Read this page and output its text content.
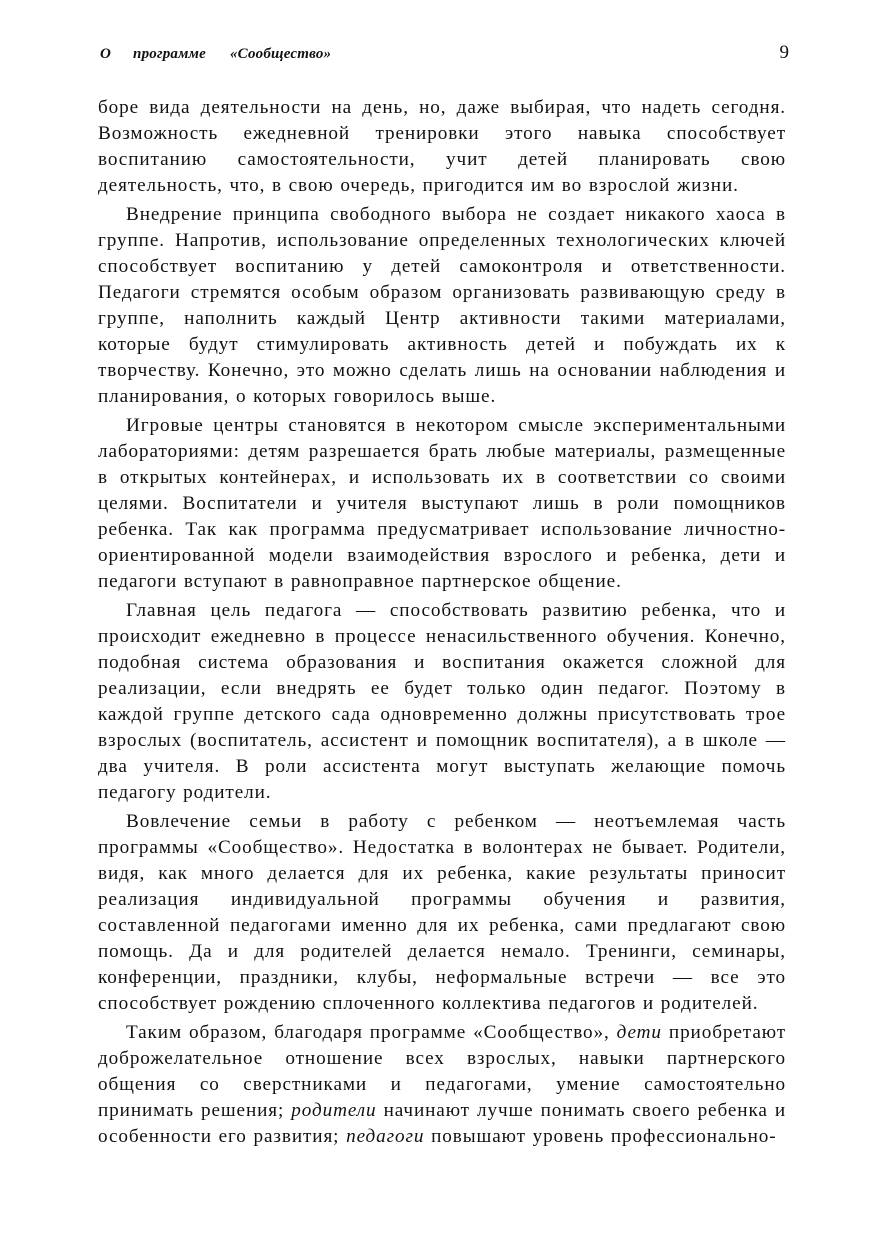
О программе «Сообщество»	9

боре вида деятельности на день, но, даже выбирая, что надеть сегодня. Возможность ежедневной тренировки этого навыка способствует воспитанию самостоятельности, учит детей планировать свою деятельность, что, в свою очередь, пригодится им во взрослой жизни.

Внедрение принципа свободного выбора не создает никакого хаоса в группе. Напротив, использование определенных технологических ключей способствует воспитанию у детей самоконтроля и ответственности. Педагоги стремятся особым образом организовать развивающую среду в группе, наполнить каждый Центр активности такими материалами, которые будут стимулировать активность детей и побуждать их к творчеству. Конечно, это можно сделать лишь на основании наблюдения и планирования, о которых говорилось выше.

Игровые центры становятся в некотором смысле экспериментальными лабораториями: детям разрешается брать любые материалы, размещенные в открытых контейнерах, и использовать их в соответствии со своими целями. Воспитатели и учителя выступают лишь в роли помощников ребенка. Так как программа предусматривает использование личностно-ориентированной модели взаимодействия взрослого и ребенка, дети и педагоги вступают в равноправное партнерское общение.

Главная цель педагога — способствовать развитию ребенка, что и происходит ежедневно в процессе ненасильственного обучения. Конечно, подобная система образования и воспитания окажется сложной для реализации, если внедрять ее будет только один педагог. Поэтому в каждой группе детского сада одновременно должны присутствовать трое взрослых (воспитатель, ассистент и помощник воспитателя), а в школе — два учителя. В роли ассистента могут выступать желающие помочь педагогу родители.

Вовлечение семьи в работу с ребенком — неотъемлемая часть программы «Сообщество». Недостатка в волонтерах не бывает. Родители, видя, как много делается для их ребенка, какие результаты приносит реализация индивидуальной программы обучения и развития, составленной педагогами именно для их ребенка, сами предлагают свою помощь. Да и для родителей делается немало. Тренинги, семинары, конференции, праздники, клубы, неформальные встречи — все это способствует рождению сплоченного коллектива педагогов и родителей.

Таким образом, благодаря программе «Сообщество», дети приобретают доброжелательное отношение всех взрослых, навыки партнерского общения со сверстниками и педагогами, умение самостоятельно принимать решения; родители начинают лучше понимать своего ребенка и особенности его развития; педагоги повышают уровень профессионально-
